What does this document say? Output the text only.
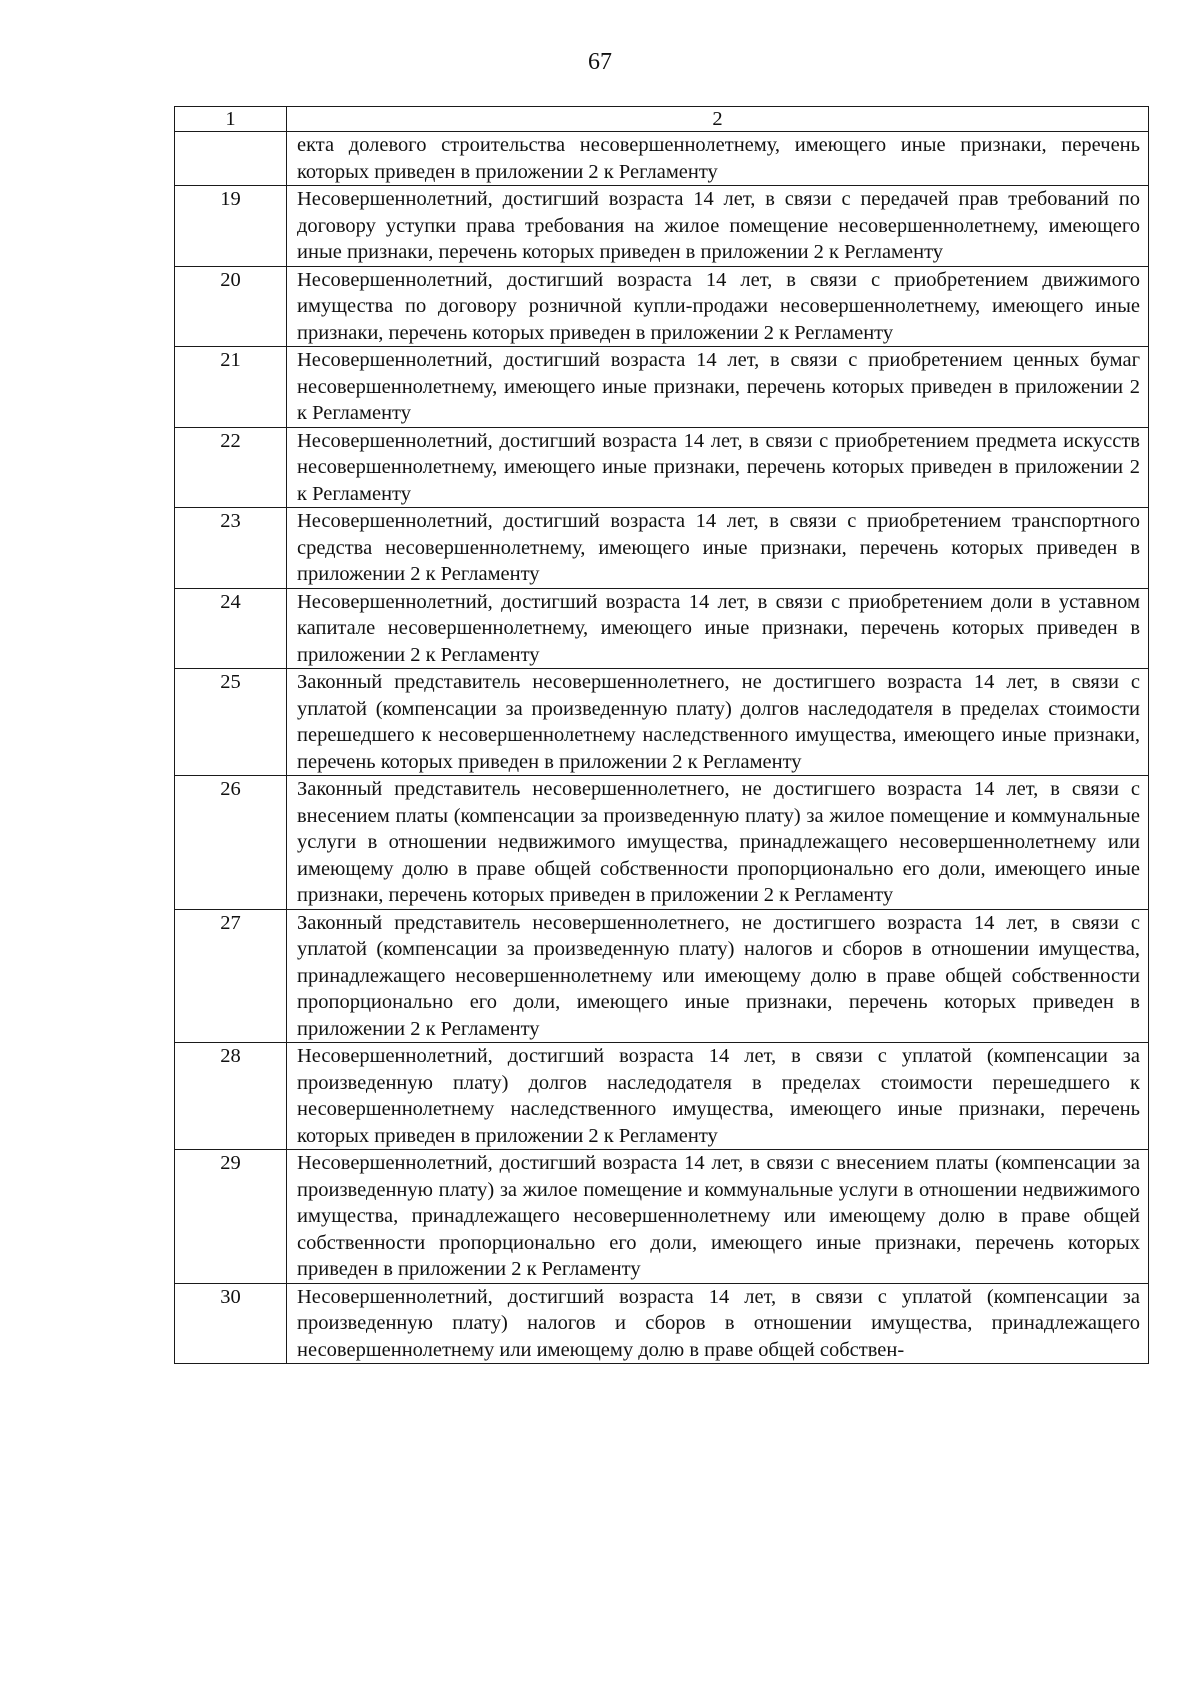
67
1	2
	екта долевого строительства несовершеннолетнему, имеющего иные признаки, перечень которых приведен в приложении 2 к Регламенту
19	Несовершеннолетний, достигший возраста 14 лет, в связи с передачей прав требований по договору уступки права требования на жилое помещение несовершеннолетнему, имеющего иные признаки, перечень которых приведен в приложении 2 к Регламенту
20	Несовершеннолетний, достигший возраста 14 лет, в связи с приобретением движимого имущества по договору розничной купли-продажи несовершеннолетнему, имеющего иные признаки, перечень которых приведен в приложении 2 к Регламенту
21	Несовершеннолетний, достигший возраста 14 лет, в связи с приобретением ценных бумаг несовершеннолетнему, имеющего иные признаки, перечень которых приведен в приложении 2 к Регламенту
22	Несовершеннолетний, достигший возраста 14 лет, в связи с приобретением предмета искусств несовершеннолетнему, имеющего иные признаки, перечень которых приведен в приложении 2 к Регламенту
23	Несовершеннолетний, достигший возраста 14 лет, в связи с приобретением транспортного средства несовершеннолетнему, имеющего иные признаки, перечень которых приведен в приложении 2 к Регламенту
24	Несовершеннолетний, достигший возраста 14 лет, в связи с приобретением доли в уставном капитале несовершеннолетнему, имеющего иные признаки, перечень которых приведен в приложении 2 к Регламенту
25	Законный представитель несовершеннолетнего, не достигшего возраста 14 лет, в связи с уплатой (компенсации за произведенную плату) долгов наследодателя в пределах стоимости перешедшего к несовершеннолетнему наследственного имущества, имеющего иные признаки, перечень которых приведен в приложении 2 к Регламенту
26	Законный представитель несовершеннолетнего, не достигшего возраста 14 лет, в связи с внесением платы (компенсации за произведенную плату) за жилое помещение и коммунальные услуги в отношении недвижимого имущества, принадлежащего несовершеннолетнему или имеющему долю в праве общей собственности пропорционально его доли, имеющего иные признаки, перечень которых приведен в приложении 2 к Регламенту
27	Законный представитель несовершеннолетнего, не достигшего возраста 14 лет, в связи с уплатой (компенсации за произведенную плату) налогов и сборов в отношении имущества, принадлежащего несовершеннолетнему или имеющему долю в праве общей собственности пропорционально его доли, имеющего иные признаки, перечень которых приведен в приложении 2 к Регламенту
28	Несовершеннолетний, достигший возраста 14 лет, в связи с уплатой (компенсации за произведенную плату) долгов наследодателя в пределах стоимости перешедшего к несовершеннолетнему наследственного имущества, имеющего иные признаки, перечень которых приведен в приложении 2 к Регламенту
29	Несовершеннолетний, достигший возраста 14 лет, в связи с внесением платы (компенсации за произведенную плату) за жилое помещение и коммунальные услуги в отношении недвижимого имущества, принадлежащего несовершеннолетнему или имеющему долю в праве общей собственности пропорционально его доли, имеющего иные признаки, перечень которых приведен в приложении 2 к Регламенту
30	Несовершеннолетний, достигший возраста 14 лет, в связи с уплатой (компенсации за произведенную плату) налогов и сборов в отношении имущества, принадлежащего несовершеннолетнему или имеющему долю в праве общей собствен-
